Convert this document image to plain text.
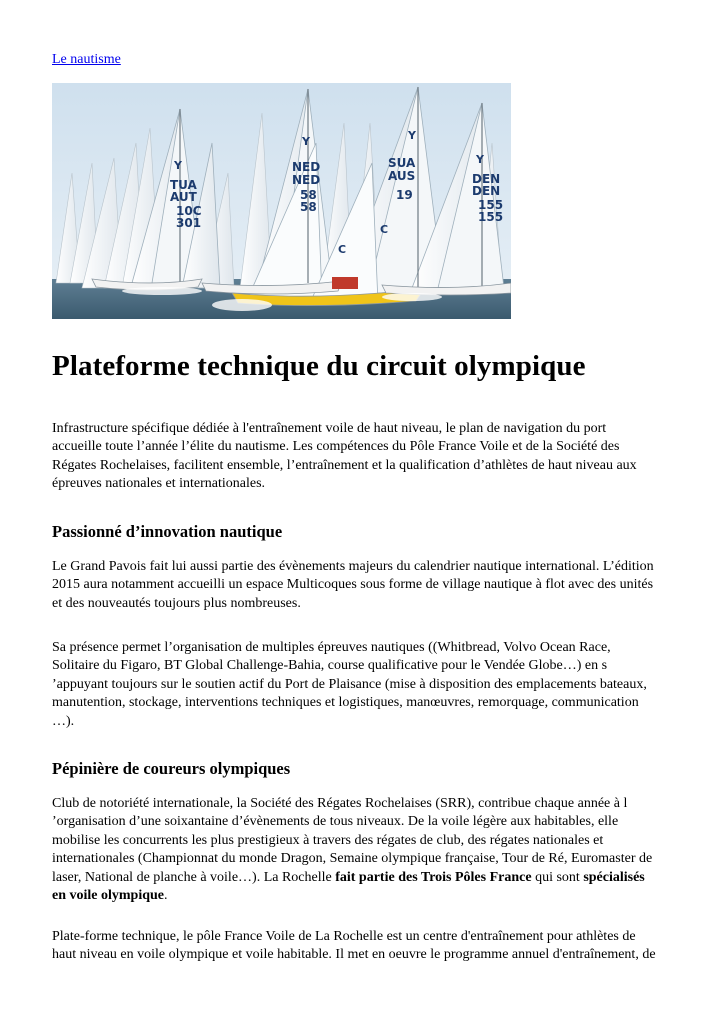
Le nautisme
TUA
AUT
10C
301
NED
NED
58
58
SUA
AUS
19
DEN
DEN
155
155
Y
Y	Y
Y
C
C
Plateforme technique du circuit olympique
Infrastructure spécifique dédiée à l'entraînement voile de haut niveau, le plan de navigation du port
accueille toute l’année l’élite du nautisme. Les compétences du Pôle France Voile et de la Société des
Régates Rochelaises, facilitent ensemble, l’entraînement et la qualification d’athlètes de haut niveau aux
épreuves nationales et internationales.
Passionné d’innovation nautique
Le Grand Pavois fait lui aussi partie des évènements majeurs du calendrier nautique international. L’édition
2015 aura notamment accueilli un espace Multicoques sous forme de village nautique à flot avec des unités
et des nouveautés toujours plus nombreuses.
Sa présence permet l’organisation de multiples épreuves nautiques ((Whitbread, Volvo Ocean Race,
Solitaire du Figaro, BT Global Challenge-Bahia, course qualificative pour le Vendée Globe…) en s
’appuyant toujours sur le soutien actif du Port de Plaisance (mise à disposition des emplacements bateaux,
manutention, stockage, interventions techniques et logistiques, manœuvres, remorquage, communication
…).
Pépinière de coureurs olympiques
Club de notoriété internationale, la Société des Régates Rochelaises (SRR), contribue chaque année à l
’organisation d’une soixantaine d’évènements de tous niveaux. De la voile légère aux habitables, elle
mobilise les concurrents les plus prestigieux à travers des régates de club, des régates nationales et
internationales (Championnat du monde Dragon, Semaine olympique française, Tour de Ré, Euromaster de
laser, National de planche à voile…). La Rochelle fait partie des Trois Pôles France qui sont spécialisés
en voile olympique.
Plate-forme technique, le pôle France Voile de La Rochelle est un centre d'entraînement pour athlètes de
haut niveau en voile olympique et voile habitable. Il met en oeuvre le programme annuel d'entraînement, de
